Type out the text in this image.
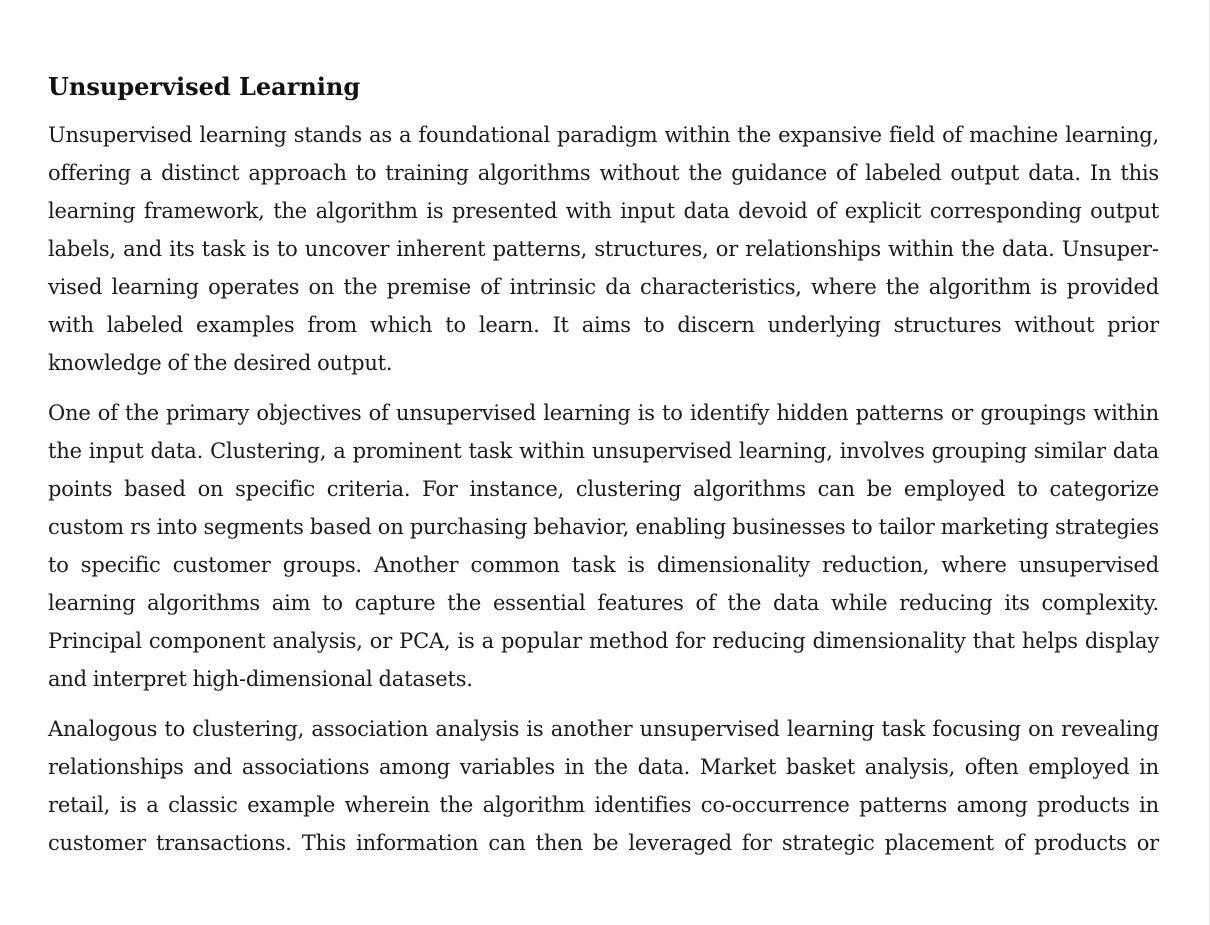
Unsupervised Learning

Unsupervised learning stands as a foundational paradigm within the expansive field of machine learning, offering a distinct approach to training algorithms without the guidance of labeled output data. In this learning framework, the algorithm is presented with input data devoid of explicit corresponding output labels, and its task is to uncover inherent patterns, structures, or relationships within the data. Unsupervised learning operates on the premise of intrinsic da characteristics, where the algorithm is provided with labeled examples from which to learn. It aims to discern underlying structures without prior knowledge of the desired output.

One of the primary objectives of unsupervised learning is to identify hidden patterns or groupings within the input data. Clustering, a prominent task within unsupervised learning, involves grouping similar data points based on specific criteria. For instance, clustering algorithms can be employed to categorize custom rs into segments based on purchasing behavior, enabling businesses to tailor marketing strategies to specific customer groups. Another common task is dimensionality reduction, where unsupervised learning algorithms aim to capture the essential features of the data while reducing its complexity. Principal component analysis, or PCA, is a popular method for reducing dimensionality that helps display and interpret high-dimensional datasets.

Analogous to clustering, association analysis is another unsupervised learning task focusing on revealing relationships and associations among variables in the data. Market basket analysis, often employed in retail, is a classic example wherein the algorithm identifies co-occurrence patterns among products in customer transactions. This information can then be leveraged for strategic placement of products or
